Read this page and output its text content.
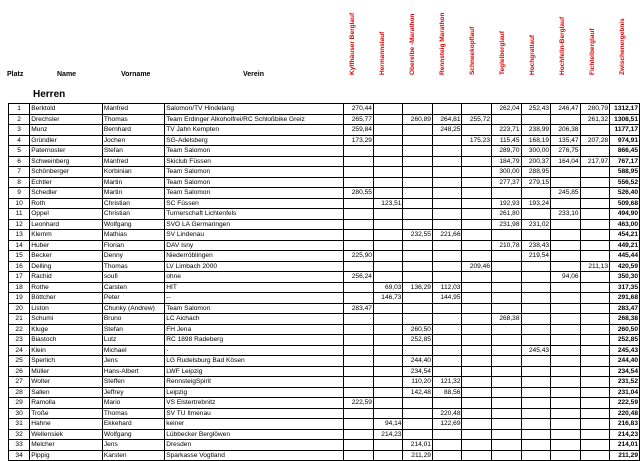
Platz	Name	Vorname	Verein	Kyffhäuser Berglauf	Hermannslauf	Obereibe -Marathon	Rennsteig Marathon	Schneekopflauf	Teglelberglauf	Hochgratlauf	Hochfelln-Berglauf	Fichtelberglauf	Zwischenergebnis
Herren
1	Berktold	Manfred	Salomon/TV Hindelang	270,44					262,04	252,43	246,47	280,79	1312,17
2	Drechsler	Thomas	Team Erdinger Alkoholfrei/RC Schloßbike Greiz	265,77		260,89	264,81	255,72				261,32	1308,51
3	Munz	Bernhard	TV Jahn Kempten	259,84			248,25		223,71	238,99	206,38		1177,17
4	Gründler	Jochen	SG-Adelsberg	173,29				175,23	115,45	168,19	135,47	207,28	974,91
5	Paternoster	Stefan	Team Salomon						289,70	300,00	276,75		866,45
6	Schweinberg	Manfred	Skiclub Füssen						184,79	200,37	164,04	217,97	767,17
7	Schönberger	Korbinian	Team Salomon						300,00	288,95			588,95
8	Echtler	Martin	Team Salomon						277,37	279,15			556,52
9	Schedler	Martin	Team Salomon	280,55							245,85		526,40
10	Roth	Christian	SC Füssen		123,51				192,93	193,24			509,68
11	Oppel	Christian	Turnerschaft Lichtenfels						261,80		233,10		494,90
12	Leonhard	Wolfgang	SVO LA Germaringen						231,98	231,02			463,00
13	Klemm	Mathias	SV Lindenau			232,55	221,66						454,21
14	Huber	Florian	DAV Isny						210,78	238,43			449,21
15	Becker	Denny	Niederröblingen	225,90						219,54			445,44
16	Delling	Thomas	LV Limbach 2000					209,46				211,13	420,59
17	Rachid	soufi	ohne	256,24							94,06		350,30
18	Rothe	Carsten	HIT		69,03	136,29	112,03						317,35
19	Böttcher	Peter	--		146,73		144,95						291,68
20	Liston	Chunky (Andrew)	Team Salomon	283,47									283,47
21	Schumi	Bruno	LC Aichach						268,38				268,38
22	Kluge	Stefan	FH Jena			260,50							260,50
23	Biastoch	Lutz	RC 1898 Radeberg			252,85							252,85
24	Klein	Michael	-							245,43			245,43
25	Sperlich	Jens	LG Rudelsburg Bad Kösen			244,40							244,40
26	Müller	Hans-Albert	LWF Leipzig			234,54							234,54
27	Wolter	Steffen	RennsteigSpirit			110,20	121,32						231,52
28	Sallen	Jeffrey	Leipzig			142,48	88,56						231,04
29	Ramolla	Mario	VS Elstertrebnitz	222,59									222,59
30	Troße	Thomas	SV TU Ilmenau				220,48						220,48
31	Hahne	Ekkehard	keiner		94,14		122,69						216,83
32	Wellensiek	Wolfgang	Lübbecker Berglöwen		214,23								214,23
33	Melcher	Jens	Dresden			214,01							214,01
34	Pippig	Karsten	Sparkasse Vogtland			211,29							211,29
